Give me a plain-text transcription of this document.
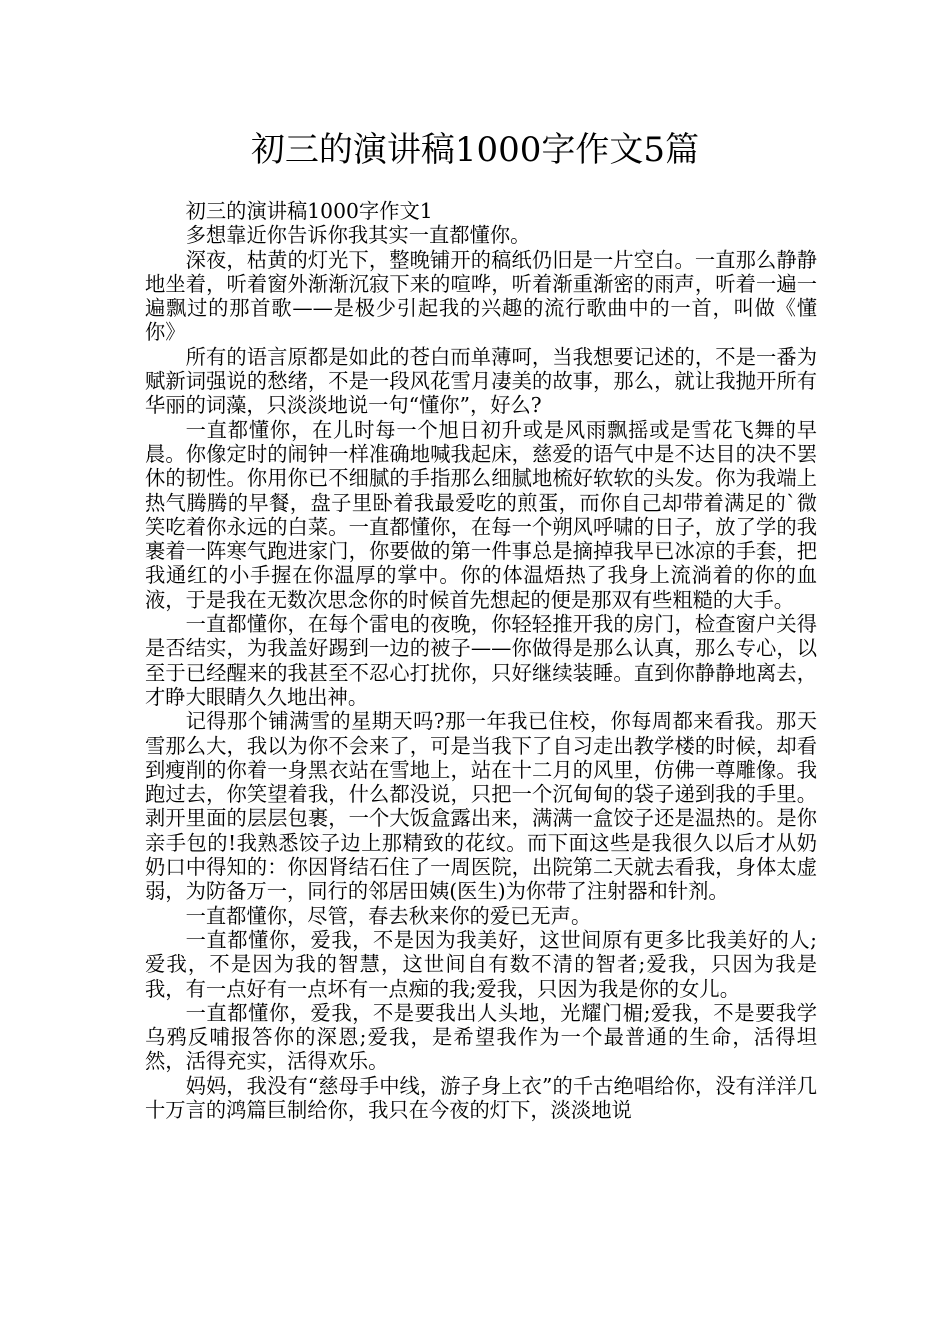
初三的演讲稿1000字作文5篇

初三的演讲稿1000字作文1

多想靠近你告诉你我其实一直都懂你。

深夜，枯黄的灯光下，整晚铺开的稿纸仍旧是一片空白。一直那么静静地坐着，听着窗外渐渐沉寂下来的喧哗，听着渐重渐密的雨声，听着一遍一遍飘过的那首歌——是极少引起我的兴趣的流行歌曲中的一首，叫做《懂你》

所有的语言原都是如此的苍白而单薄呵，当我想要记述的，不是一番为赋新词强说的愁绪，不是一段风花雪月凄美的故事，那么，就让我抛开所有华丽的词藻，只淡淡地说一句“懂你”，好么?

一直都懂你，在儿时每一个旭日初升或是风雨飘摇或是雪花飞舞的早晨。你像定时的闹钟一样准确地喊我起床，慈爱的语气中是不达目的决不罢休的韧性。你用你已不细腻的手指那么细腻地梳好软软的头发。你为我端上热气腾腾的早餐，盘子里卧着我最爱吃的煎蛋，而你自己却带着满足的`微笑吃着你永远的白菜。一直都懂你，在每一个朔风呼啸的日子，放了学的我裹着一阵寒气跑进家门，你要做的第一件事总是摘掉我早已冰凉的手套，把我通红的小手握在你温厚的掌中。你的体温焐热了我身上流淌着的你的血液，于是我在无数次思念你的时候首先想起的便是那双有些粗糙的大手。

一直都懂你，在每个雷电的夜晚，你轻轻推开我的房门，检查窗户关得是否结实，为我盖好踢到一边的被子——你做得是那么认真，那么专心，以至于已经醒来的我甚至不忍心打扰你，只好继续装睡。直到你静静地离去，才睁大眼睛久久地出神。

记得那个铺满雪的星期天吗?那一年我已住校，你每周都来看我。那天雪那么大，我以为你不会来了，可是当我下了自习走出教学楼的时候，却看到瘦削的你着一身黑衣站在雪地上，站在十二月的风里，仿佛一尊雕像。我跑过去，你笑望着我，什么都没说，只把一个沉甸甸的袋子递到我的手里。剥开里面的层层包裹，一个大饭盒露出来，满满一盒饺子还是温热的。是你亲手包的!我熟悉饺子边上那精致的花纹。而下面这些是我很久以后才从奶奶口中得知的：你因肾结石住了一周医院，出院第二天就去看我，身体太虚弱，为防备万一，同行的邻居田姨(医生)为你带了注射器和针剂。

一直都懂你，尽管，春去秋来你的爱已无声。

一直都懂你，爱我，不是因为我美好，这世间原有更多比我美好的人;爱我，不是因为我的智慧，这世间自有数不清的智者;爱我，只因为我是我，有一点好有一点坏有一点痴的我;爱我，只因为我是你的女儿。

一直都懂你，爱我，不是要我出人头地，光耀门楣;爱我，不是要我学乌鸦反哺报答你的深恩;爱我，是希望我作为一个最普通的生命，活得坦然，活得充实，活得欢乐。

妈妈，我没有“慈母手中线，游子身上衣”的千古绝唱给你，没有洋洋几十万言的鸿篇巨制给你，我只在今夜的灯下，淡淡地说
